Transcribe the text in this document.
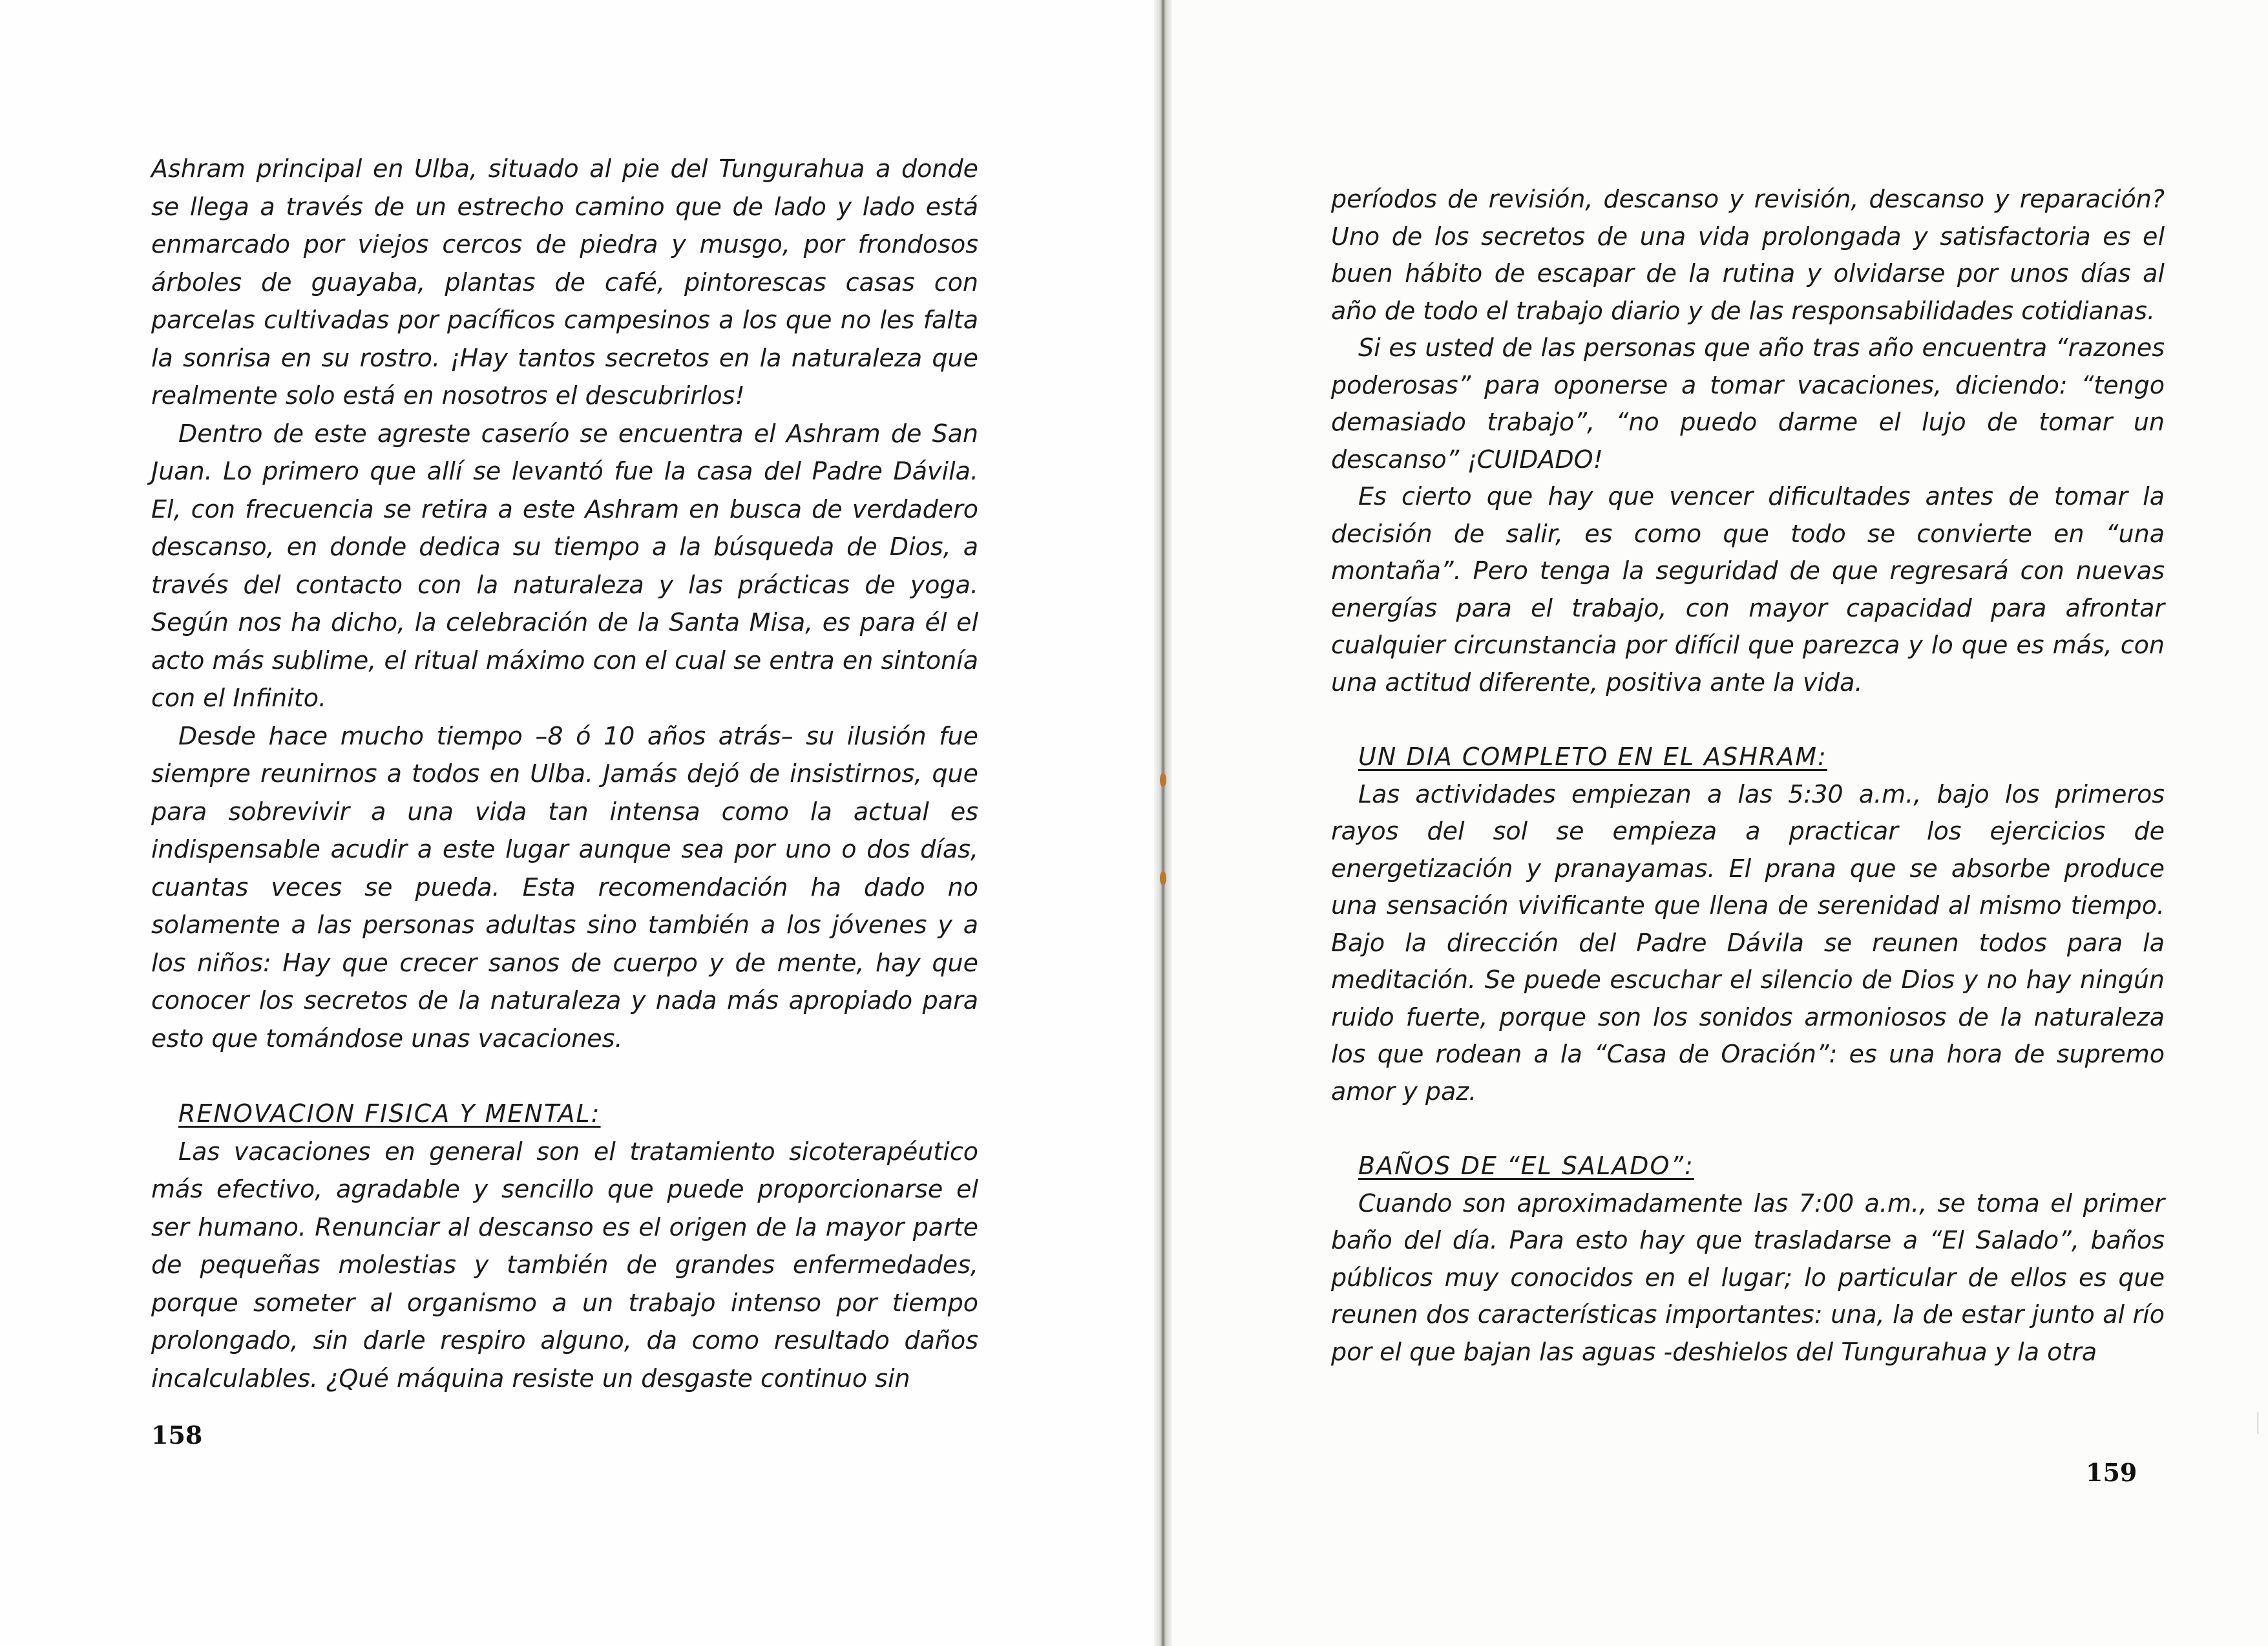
Ashram principal en Ulba, situado al pie del Tungurahua a donde se llega a través de un estrecho camino que de lado y lado está enmarcado por viejos cercos de piedra y musgo, por frondosos árboles de guayaba, plantas de café, pintorescas casas con parcelas cultivadas por pacíficos campesinos a los que no les falta la sonrisa en su rostro. ¡Hay tantos secretos en la naturaleza que realmente solo está en nosotros el descubrirlos!

Dentro de este agreste caserío se encuentra el Ashram de San Juan. Lo primero que allí se levantó fue la casa del Padre Dávila. El, con frecuencia se retira a este Ashram en busca de verdadero descanso, en donde dedica su tiempo a la búsqueda de Dios, a través del contacto con la naturaleza y las prácticas de yoga. Según nos ha dicho, la celebración de la Santa Misa, es para él el acto más sublime, el ritual máximo con el cual se entra en sintonía con el Infinito.

Desde hace mucho tiempo –8 ó 10 años atrás– su ilusión fue siempre reunirnos a todos en Ulba. Jamás dejó de insistirnos, que para sobrevivir a una vida tan intensa como la actual es indispensable acudir a este lugar aunque sea por uno o dos días, cuantas veces se pueda. Esta recomendación ha dado no solamente a las personas adultas sino también a los jóvenes y a los niños: Hay que crecer sanos de cuerpo y de mente, hay que conocer los secretos de la naturaleza y nada más apropiado para esto que tomándose unas vacaciones.

RENOVACION FISICA Y MENTAL:

Las vacaciones en general son el tratamiento sicoterapéutico más efectivo, agradable y sencillo que puede proporcionarse el ser humano. Renunciar al descanso es el origen de la mayor parte de pequeñas molestias y también de grandes enfermedades, porque someter al organismo a un trabajo intenso por tiempo prolongado, sin darle respiro alguno, da como resultado daños incalculables. ¿Qué máquina resiste un desgaste continuo sin

158	|

períodos de revisión, descanso y revisión, descanso y reparación? Uno de los secretos de una vida prolongada y satisfactoria es el buen hábito de escapar de la rutina y olvidarse por unos días al año de todo el trabajo diario y de las responsabilidades cotidianas.

Si es usted de las personas que año tras año encuentra “razones poderosas” para oponerse a tomar vacaciones, diciendo: “tengo demasiado trabajo”, “no puedo darme el lujo de tomar un descanso” ¡CUIDADO!

Es cierto que hay que vencer dificultades antes de tomar la decisión de salir, es como que todo se convierte en “una montaña”. Pero tenga la seguridad de que regresará con nuevas energías para el trabajo, con mayor capacidad para afrontar cualquier circunstancia por difícil que parezca y lo que es más, con una actitud diferente, positiva ante la vida.

UN DIA COMPLETO EN EL ASHRAM:

Las actividades empiezan a las 5:30 a.m., bajo los primeros rayos del sol se empieza a practicar los ejercicios de energetización y pranayamas. El prana que se absorbe produce una sensación vivificante que llena de serenidad al mismo tiempo. Bajo la dirección del Padre Dávila se reunen todos para la meditación. Se puede escuchar el silencio de Dios y no hay ningún ruido fuerte, porque son los sonidos armoniosos de la naturaleza los que rodean a la “Casa de Oración”: es una hora de supremo amor y paz.

BAÑOS DE “EL SALADO”:

Cuando son aproximadamente las 7:00 a.m., se toma el primer baño del día. Para esto hay que trasladarse a “El Salado”, baños públicos muy conocidos en el lugar; lo particular de ellos es que reunen dos características importantes: una, la de estar junto al río por el que bajan las aguas -deshielos del Tungurahua y la otra

159
